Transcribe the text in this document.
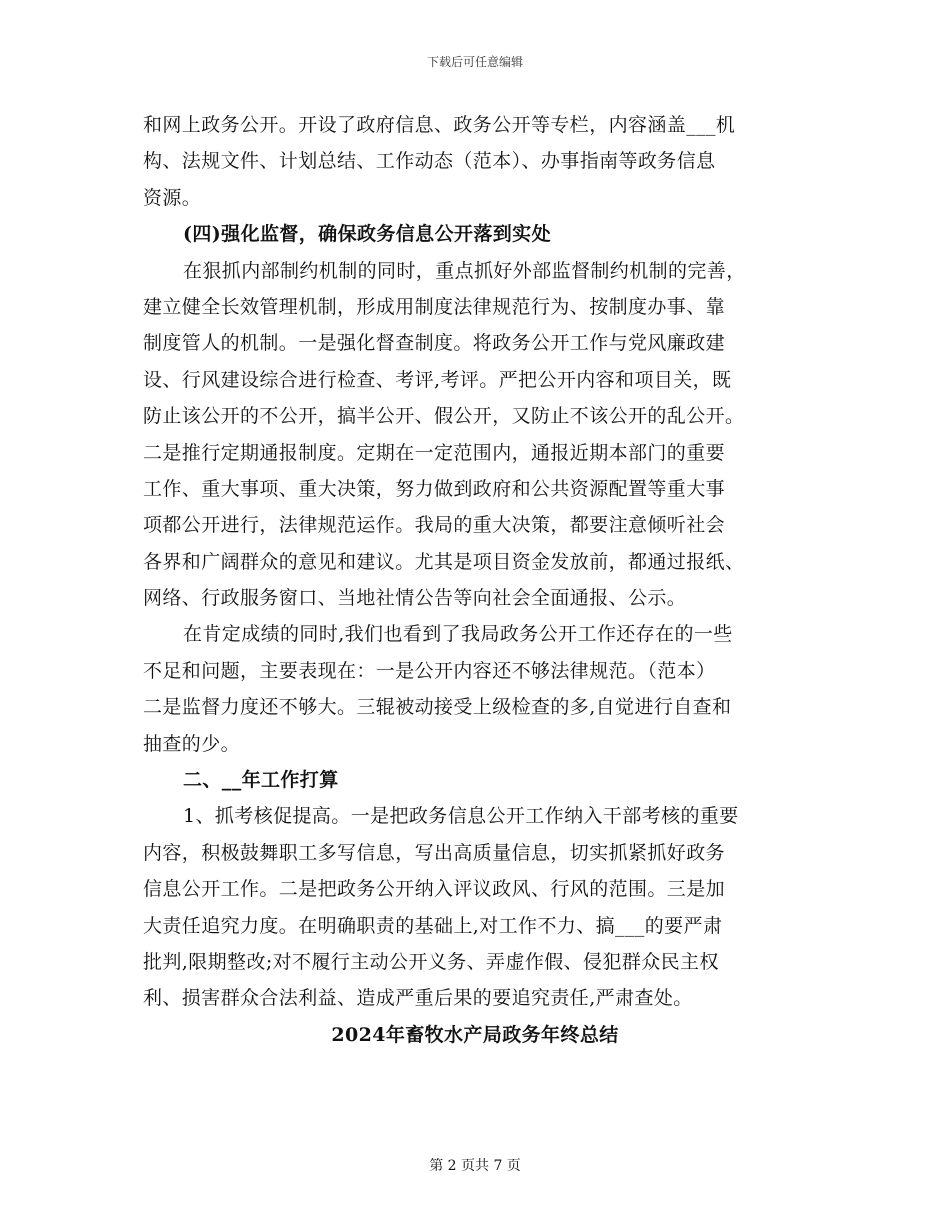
下载后可任意编辑
和网上政务公开。开设了政府信息、政务公开等专栏，内容涵盖___机
构、法规文件、计划总结、工作动态（范本）、办事指南等政务信息
资源。
(四)强化监督，确保政务信息公开落到实处
在狠抓内部制约机制的同时，重点抓好外部监督制约机制的完善，
建立健全长效管理机制，形成用制度法律规范行为、按制度办事、靠
制度管人的机制。一是强化督查制度。将政务公开工作与党风廉政建
设、行风建设综合进行检查、考评,考评。严把公开内容和项目关，既
防止该公开的不公开，搞半公开、假公开，又防止不该公开的乱公开。
二是推行定期通报制度。定期在一定范围内，通报近期本部门的重要
工作、重大事项、重大决策，努力做到政府和公共资源配置等重大事
项都公开进行，法律规范运作。我局的重大决策，都要注意倾听社会
各界和广阔群众的意见和建议。尤其是项目资金发放前，都通过报纸、
网络、行政服务窗口、当地社情公告等向社会全面通报、公示。
在肯定成绩的同时,我们也看到了我局政务公开工作还存在的一些
不足和问题，主要表现在：一是公开内容还不够法律规范。（范本）
二是监督力度还不够大。三辊被动接受上级检查的多,自觉进行自查和
抽查的少。
二、__年工作打算
1、抓考核促提高。一是把政务信息公开工作纳入干部考核的重要
内容，积极鼓舞职工多写信息，写出高质量信息，切实抓紧抓好政务
信息公开工作。二是把政务公开纳入评议政风、行风的范围。三是加
大责任追究力度。在明确职责的基础上,对工作不力、搞___的要严肃
批判,限期整改;对不履行主动公开义务、弄虚作假、侵犯群众民主权
利、损害群众合法利益、造成严重后果的要追究责任,严肃查处。
2024年畜牧水产局政务年终总结
第 2 页共 7 页
